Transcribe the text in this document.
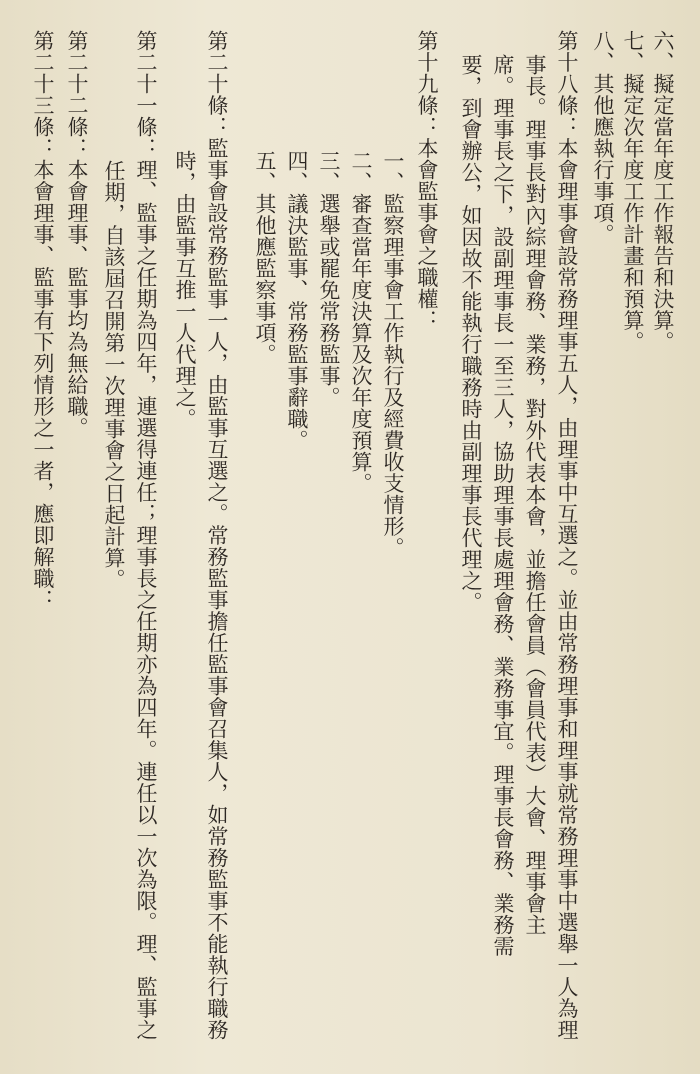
六、擬定當年度工作報告和決算。
七、擬定次年度工作計畫和預算。
八、其他應執行事項。
第十八條：本會理事會設常務理事五人，由理事中互選之。並由常務理事和理事就常務理事中選舉一人為理
事長。理事長對內綜理會務、業務，對外代表本會，並擔任會員（會員代表）大會、理事會主
席。理事長之下，設副理事長一至三人，協助理事長處理會務、業務事宜。理事長會務、業務需
要，到會辦公，如因故不能執行職務時由副理事長代理之。
第十九條：本會監事會之職權：
一、監察理事會工作執行及經費收支情形。
二、審查當年度決算及次年度預算。
三、選舉或罷免常務監事。
四、議決監事、常務監事辭職。
五、其他應監察事項。
第二十條：監事會設常務監事一人，由監事互選之。常務監事擔任監事會召集人，如常務監事不能執行職務
時，由監事互推一人代理之。
第二十一條：理、監事之任期為四年，連選得連任；理事長之任期亦為四年。連任以一次為限。理、監事之
任期，自該屆召開第一次理事會之日起計算。
第二十二條：本會理事、監事均為無給職。
第二十三條：本會理事、監事有下列情形之一者，應即解職：
